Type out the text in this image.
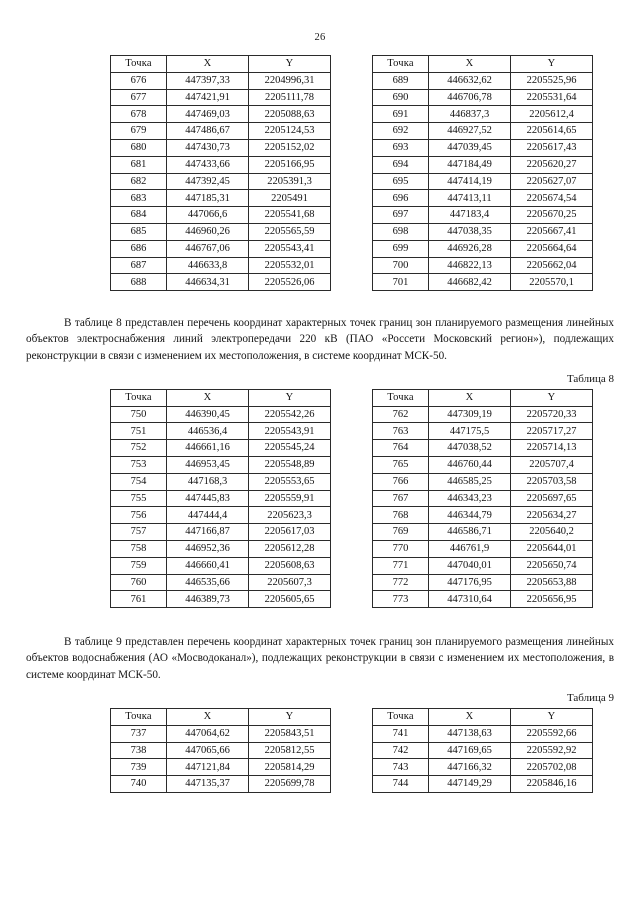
26
Точка	X	Y
676	447397,33	2204996,31
677	447421,91	2205111,78
678	447469,03	2205088,63
679	447486,67	2205124,53
680	447430,73	2205152,02
681	447433,66	2205166,95
682	447392,45	2205391,3
683	447185,31	2205491
684	447066,6	2205541,68
685	446960,26	2205565,59
686	446767,06	2205543,41
687	446633,8	2205532,01
688	446634,31	2205526,06
Точка	X	Y
689	446632,62	2205525,96
690	446706,78	2205531,64
691	446837,3	2205612,4
692	446927,52	2205614,65
693	447039,45	2205617,43
694	447184,49	2205620,27
695	447414,19	2205627,07
696	447413,11	2205674,54
697	447183,4	2205670,25
698	447038,35	2205667,41
699	446926,28	2205664,64
700	446822,13	2205662,04
701	446682,42	2205570,1

В таблице 8 представлен перечень координат характерных точек границ зон планируемого размещения линейных объектов электроснабжения линий электропередачи 220 кВ (ПАО «Россети Московский регион»), подлежащих реконструкции в связи с изменением их местоположения, в системе координат МСК-50.

Таблица 8

Точка	X	Y
750	446390,45	2205542,26
751	446536,4	2205543,91
752	446661,16	2205545,24
753	446953,45	2205548,89
754	447168,3	2205553,65
755	447445,83	2205559,91
756	447444,4	2205623,3
757	447166,87	2205617,03
758	446952,36	2205612,28
759	446660,41	2205608,63
760	446535,66	2205607,3
761	446389,73	2205605,65
Точка	X	Y
762	447309,19	2205720,33
763	447175,5	2205717,27
764	447038,52	2205714,13
765	446760,44	2205707,4
766	446585,25	2205703,58
767	446343,23	2205697,65
768	446344,79	2205634,27
769	446586,71	2205640,2
770	446761,9	2205644,01
771	447040,01	2205650,74
772	447176,95	2205653,88
773	447310,64	2205656,95

В таблице 9 представлен перечень координат характерных точек границ зон планируемого размещения линейных объектов водоснабжения (АО «Мосводоканал»), подлежащих реконструкции в связи с изменением их местоположения, в системе координат МСК-50.

Таблица 9

Точка	X	Y
737	447064,62	2205843,51
738	447065,66	2205812,55
739	447121,84	2205814,29
740	447135,37	2205699,78
Точка	X	Y
741	447138,63	2205592,66
742	447169,65	2205592,92
743	447166,32	2205702,08
744	447149,29	2205846,16
